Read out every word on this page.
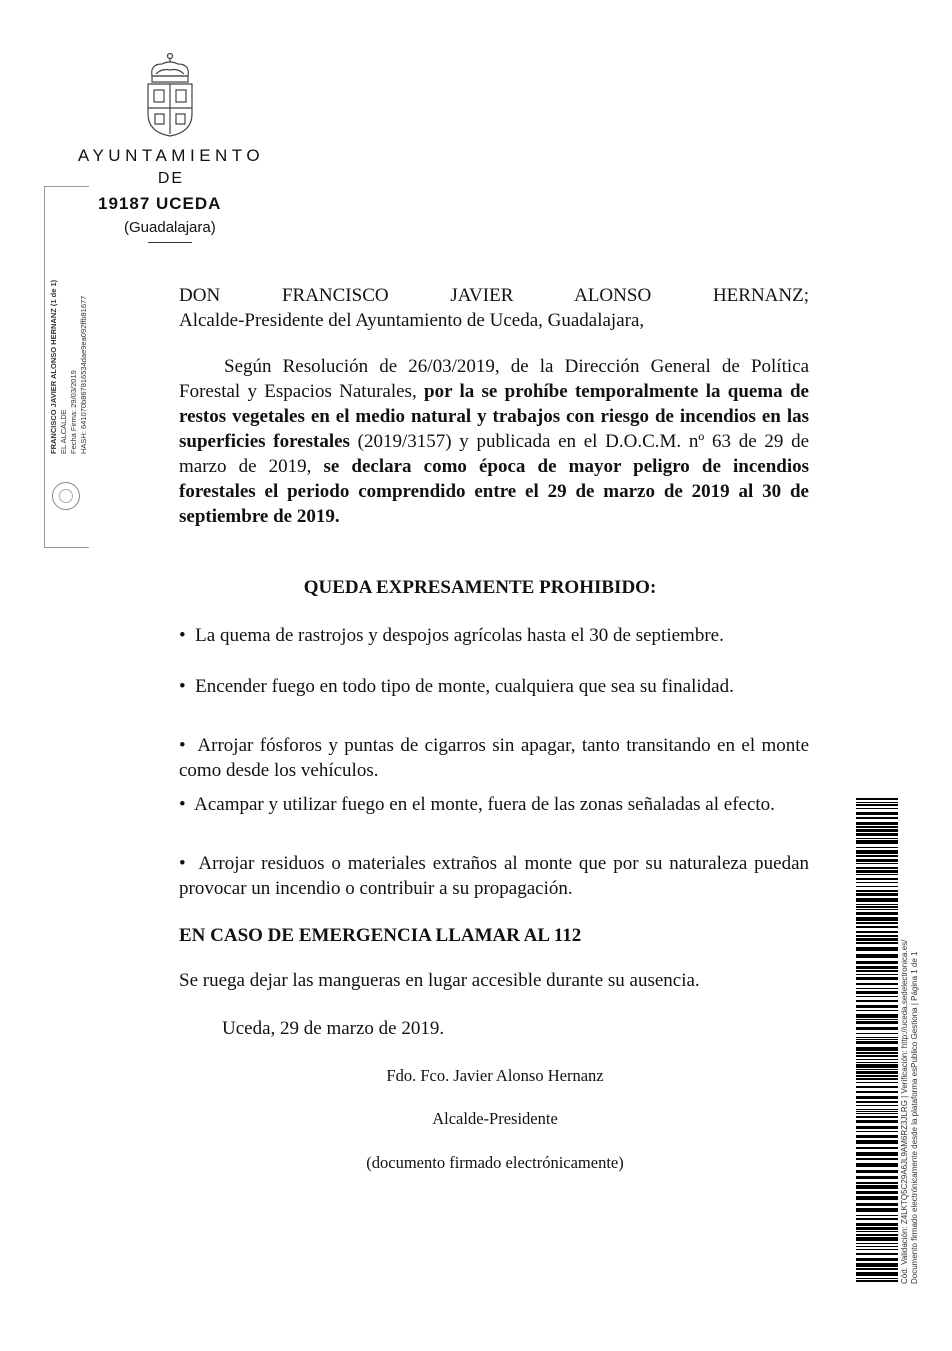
AYUNTAMIENTO
DE
19187 UCEDA
(Guadalajara)
FRANCISCO JAVIER ALONSO HERNANZ (1 de 1) EL ALCALDE Fecha Firma: 29/03/2019 HASH: 641070b867816534dae9ea092ffb81677
DON FRANCISCO JAVIER ALONSO HERNANZ;
Alcalde-Presidente del Ayuntamiento de Uceda, Guadalajara,
Según Resolución de 26/03/2019, de la Dirección General de Política Forestal y Espacios Naturales, por la se prohíbe temporalmente la quema de restos vegetales en el medio natural y trabajos con riesgo de incendios en las superficies forestales (2019/3157) y publicada en el D.O.C.M. nº 63 de 29 de marzo de 2019, se declara como época de mayor peligro de incendios forestales el periodo comprendido entre el 29 de marzo de 2019 al 30 de septiembre de 2019.
QUEDA EXPRESAMENTE PROHIBIDO:
• La quema de rastrojos y despojos agrícolas hasta el 30 de septiembre.
• Encender fuego en todo tipo de monte, cualquiera que sea su finalidad.
• Arrojar fósforos y puntas de cigarros sin apagar, tanto transitando en el monte como desde los vehículos.
• Acampar y utilizar fuego en el monte, fuera de las zonas señaladas al efecto.
• Arrojar residuos o materiales extraños al monte que por su naturaleza puedan provocar un incendio o contribuir a su propagación.
EN CASO DE EMERGENCIA LLAMAR AL 112
Se ruega dejar las mangueras en lugar accesible durante su ausencia.
Uceda, 29 de marzo de 2019.
Fdo. Fco. Javier Alonso Hernanz
Alcalde-Presidente
(documento firmado electrónicamente)	Cód. Validación: Z4LKTQ5C29A6JL9AM6RZ3JLRG | Verificación: http://uceda.sedelectronica.es/ Documento firmado electrónicamente desde la plataforma esPublico Gestiona | Página 1 de 1
